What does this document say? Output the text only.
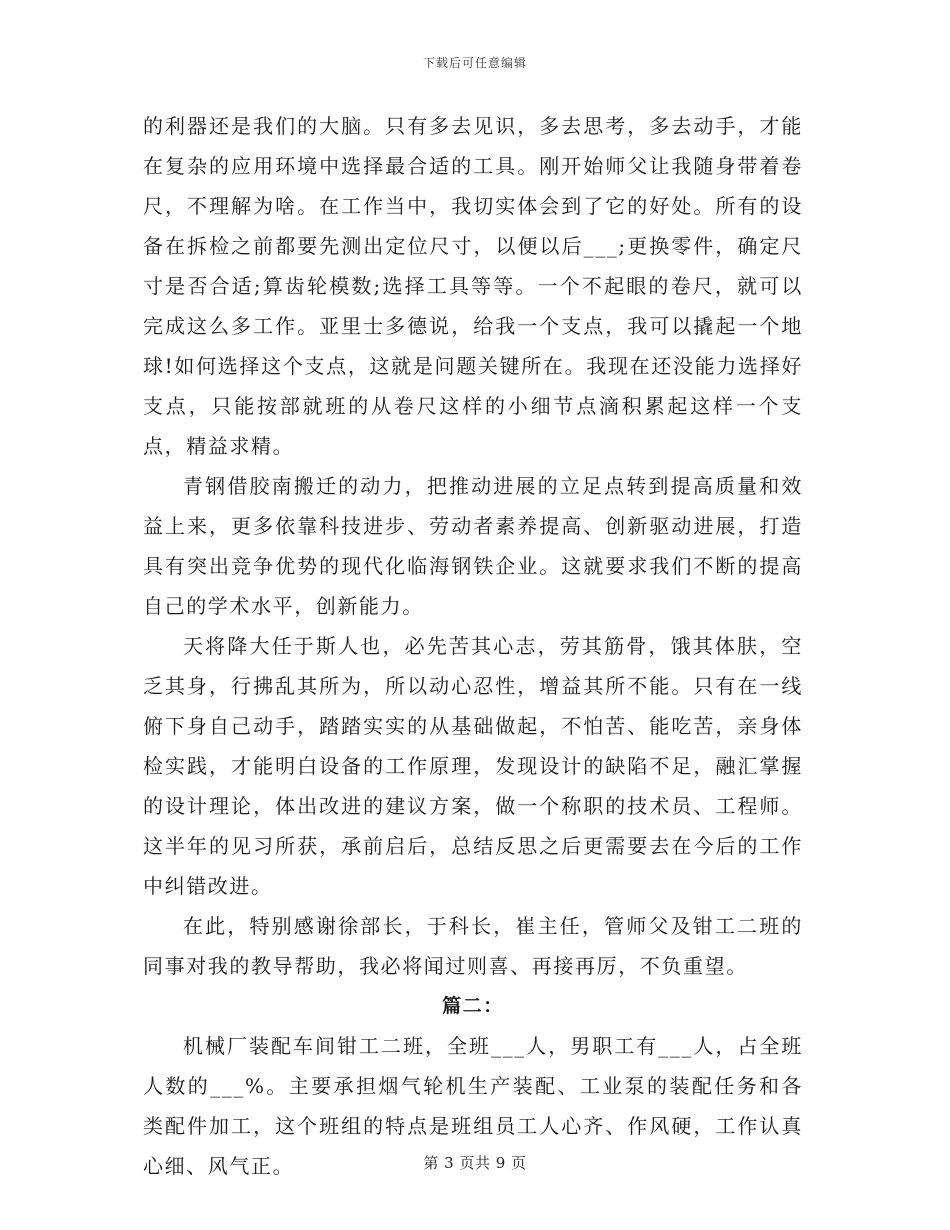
下载后可任意编辑

的利器还是我们的大脑。只有多去见识，多去思考，多去动手，才能在复杂的应用环境中选择最合适的工具。刚开始师父让我随身带着卷尺，不理解为啥。在工作当中，我切实体会到了它的好处。所有的设备在拆检之前都要先测出定位尺寸，以便以后___;更换零件，确定尺寸是否合适;算齿轮模数;选择工具等等。一个不起眼的卷尺，就可以完成这么多工作。亚里士多德说，给我一个支点，我可以撬起一个地球!如何选择这个支点，这就是问题关键所在。我现在还没能力选择好支点，只能按部就班的从卷尺这样的小细节点滴积累起这样一个支点，精益求精。

青钢借胶南搬迁的动力，把推动进展的立足点转到提高质量和效益上来，更多依靠科技进步、劳动者素养提高、创新驱动进展，打造具有突出竞争优势的现代化临海钢铁企业。这就要求我们不断的提高自己的学术水平，创新能力。

天将降大任于斯人也，必先苦其心志，劳其筋骨，饿其体肤，空乏其身，行拂乱其所为，所以动心忍性，增益其所不能。只有在一线俯下身自己动手，踏踏实实的从基础做起，不怕苦、能吃苦，亲身体检实践，才能明白设备的工作原理，发现设计的缺陷不足，融汇掌握的设计理论，体出改进的建议方案，做一个称职的技术员、工程师。这半年的见习所获，承前启后，总结反思之后更需要去在今后的工作中纠错改进。

在此，特别感谢徐部长，于科长，崔主任，管师父及钳工二班的同事对我的教导帮助，我必将闻过则喜、再接再厉，不负重望。

篇二：

机械厂装配车间钳工二班，全班___人，男职工有___人，占全班人数的___%。主要承担烟气轮机生产装配、工业泵的装配任务和各类配件加工，这个班组的特点是班组员工人心齐、作风硬，工作认真心细、风气正。	第 3 页共 9 页
